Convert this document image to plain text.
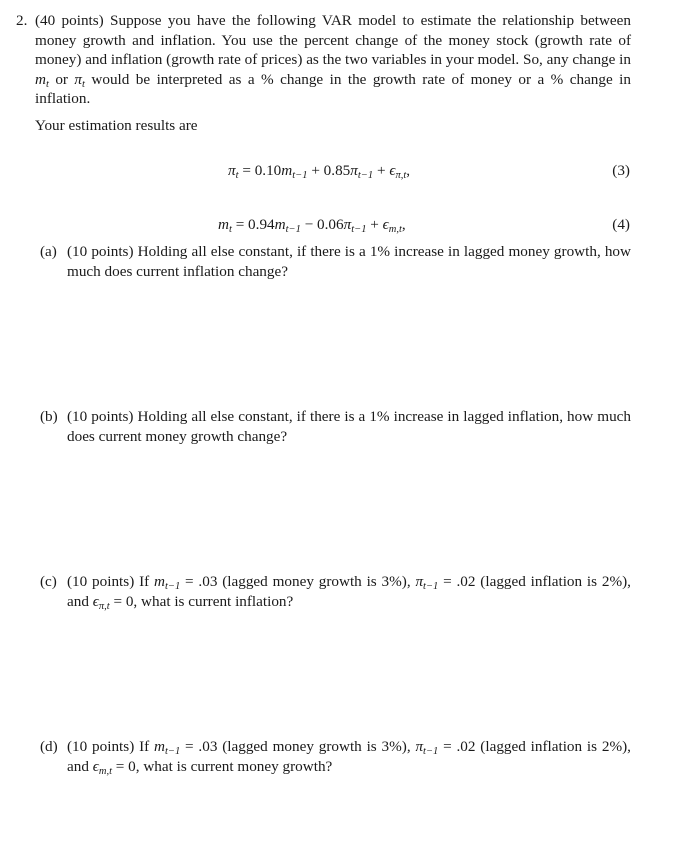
2. (40 points) Suppose you have the following VAR model to estimate the relationship between money growth and inflation. You use the percent change of the money stock (growth rate of money) and inflation (growth rate of prices) as the two variables in your model. So, any change in $m_t$ or $\pi_t$ would be interpreted as a % change in the growth rate of money or a % change in inflation.
Your estimation results are
$\pi_t = 0.10m_{t-1} + 0.85\pi_{t-1} + \epsilon_{\pi,t}$,	(3)
$m_t = 0.94m_{t-1} - 0.06\pi_{t-1} + \epsilon_{m,t}$,	(4)
(a) (10 points) Holding all else constant, if there is a 1% increase in lagged money growth, how much does current inflation change?
(b) (10 points) Holding all else constant, if there is a 1% increase in lagged inflation, how much does current money growth change?
(c) (10 points) If $m_{t-1} = .03$ (lagged money growth is 3%), $\pi_{t-1} = .02$ (lagged inflation is 2%), and $\epsilon_{\pi,t} = 0$, what is current inflation?
(d) (10 points) If $m_{t-1} = .03$ (lagged money growth is 3%), $\pi_{t-1} = .02$ (lagged inflation is 2%), and $\epsilon_{m,t} = 0$, what is current money growth?
